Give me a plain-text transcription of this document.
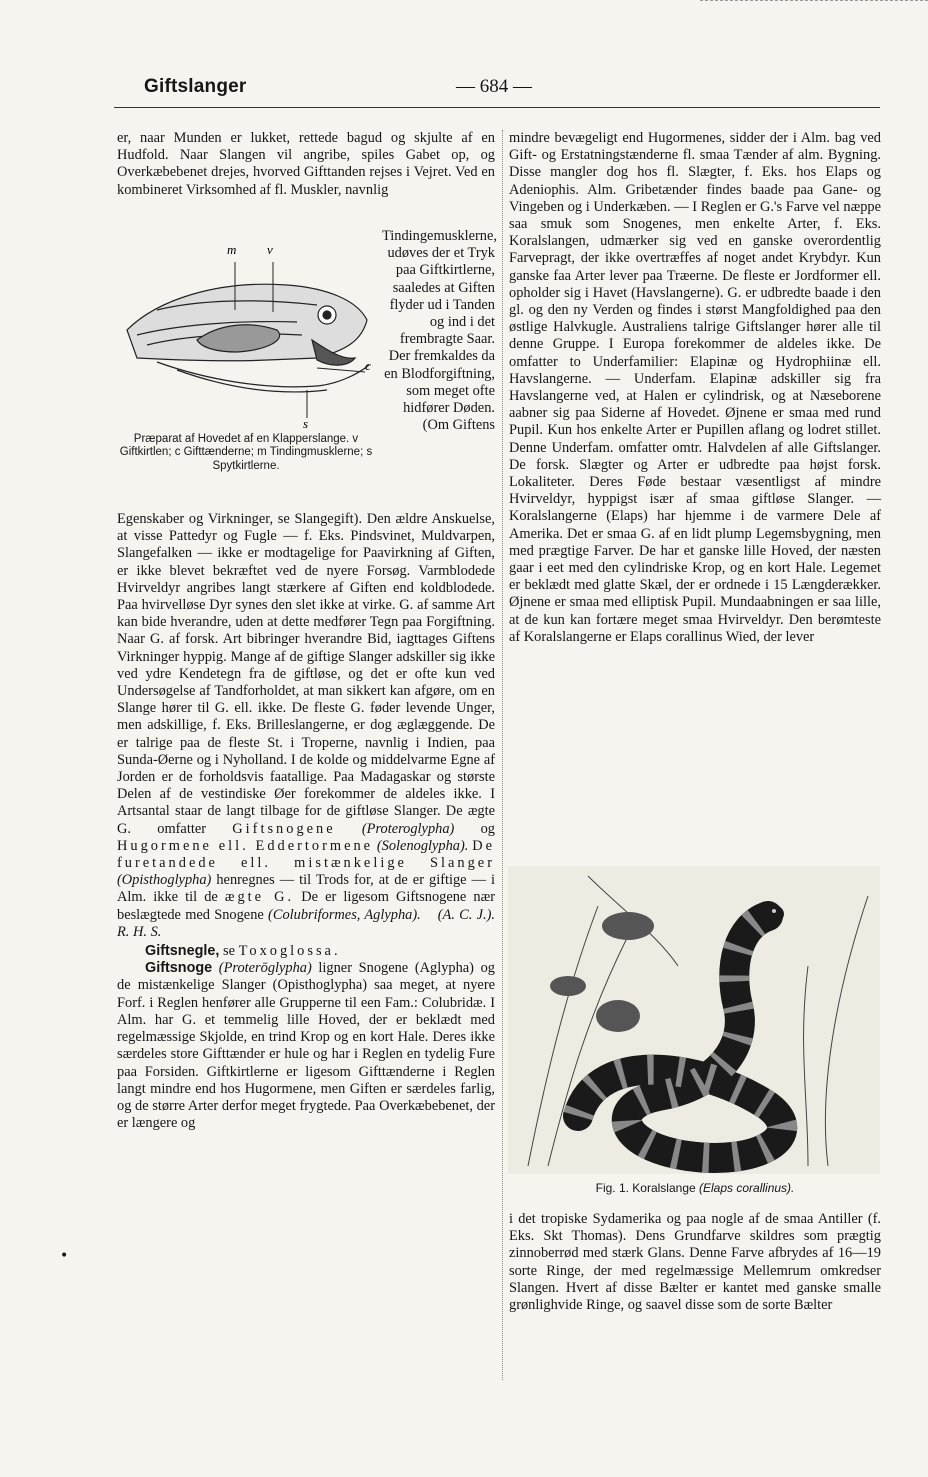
Giftslanger	— 684 —

er, naar Munden er lukket, rettede bagud og skjulte af en Hudfold. Naar Slangen vil angribe, spiles Gabet op, og Overkæbebenet drejes, hvorved Gifttanden rejses i Vejret. Ved en kombineret Virksomhed af fl. Muskler, navnlig

m v
c
s
Præparat af Hovedet af en Klapperslange. v Giftkirtlen; c Gifttænderne; m Tindingmusklerne; s Spytkirtlerne.
Tindingemusklerne, udøves der et Tryk paa Giftkirtlerne, saaledes at Giften flyder ud i Tanden og ind i det frembragte Saar. Der fremkaldes da en Blodforgiftning, som meget ofte hidfører Døden. (Om Giftens

Egenskaber og Virkninger, se Slangegift). Den ældre Anskuelse, at visse Pattedyr og Fugle — f. Eks. Pindsvinet, Muldvarpen, Slangefalken — ikke er modtagelige for Paavirkning af Giften, er ikke blevet bekræftet ved de nyere Forsøg. Varmblodede Hvirveldyr angribes langt stærkere af Giften end koldblodede. Paa hvirvelløse Dyr synes den slet ikke at virke. G. af samme Art kan bide hverandre, uden at dette medfører Tegn paa Forgiftning. Naar G. af forsk. Art bibringer hverandre Bid, iagttages Giftens Virkninger hyppig. Mange af de giftige Slanger adskiller sig ikke ved ydre Kendetegn fra de giftløse, og det er ofte kun ved Undersøgelse af Tandforholdet, at man sikkert kan afgøre, om en Slange hører til G. ell. ikke. De fleste G. føder levende Unger, men adskillige, f. Eks. Brilleslangerne, er dog æglæggende. De er talrige paa de fleste St. i Troperne, navnlig i Indien, paa Sunda-Øerne og i Nyholland. I de kolde og middelvarme Egne af Jorden er de forholdsvis faatallige. Paa Madagaskar og største Delen af de vestindiske Øer forekommer de aldeles ikke. I Artsantal staar de langt tilbage for de giftløse Slanger. De ægte G. omfatter Giftsnogene (Proteroglypha) og Hugormene ell. Eddertormene (Solenoglypha). De furetandede ell. mistænkelige Slanger (Opisthoglypha) henregnes — til Trods for, at de er giftige — i Alm. ikke til de ægte G. De er ligesom Giftsnogene nær beslægtede med Snogene (Colubriformes, Aglypha). (A. C. J.). R. H. S.

Giftsnegle, se Toxoglossa.

Giftsnoge (Proterōglypha) ligner Snogene (Aglypha) og de mistænkelige Slanger (Opisthoglypha) saa meget, at nyere Forf. i Reglen henfører alle Grupperne til een Fam.: Colubridæ. I Alm. har G. et temmelig lille Hoved, der er beklædt med regelmæssige Skjolde, en trind Krop og en kort Hale. Deres ikke særdeles store Gifttænder er hule og har i Reglen en tydelig Fure paa Forsiden. Giftkirtlerne er ligesom Gifttænderne i Reglen langt mindre end hos Hugormene, men Giften er særdeles farlig, og de større Arter derfor meget frygtede. Paa Overkæbebenet, der er længere og

mindre bevægeligt end Hugormenes, sidder der i Alm. bag ved Gift- og Erstatningstænderne fl. smaa Tænder af alm. Bygning. Disse mangler dog hos fl. Slægter, f. Eks. hos Elaps og Adeniophis. Alm. Gribetænder findes baade paa Gane- og Vingeben og i Underkæben. — I Reglen er G.'s Farve vel næppe saa smuk som Snogenes, men enkelte Arter, f. Eks. Koralslangen, udmærker sig ved en ganske overordentlig Farvepragt, der ikke overtræffes af noget andet Krybdyr. Kun ganske faa Arter lever paa Træerne. De fleste er Jordformer ell. opholder sig i Havet (Havslangerne). G. er udbredte baade i den gl. og den ny Verden og findes i størst Mangfoldighed paa den østlige Halvkugle. Australiens talrige Giftslanger hører alle til denne Gruppe. I Europa forekommer de aldeles ikke. De omfatter to Underfamilier: Elapinæ og Hydrophiinæ ell. Havslangerne. — Underfam. Elapinæ adskiller sig fra Havslangerne ved, at Halen er cylindrisk, og at Næseborene aabner sig paa Siderne af Hovedet. Øjnene er smaa med rund Pupil. Kun hos enkelte Arter er Pupillen aflang og lodret stillet. Denne Underfam. omfatter omtr. Halvdelen af alle Giftslanger. De forsk. Slægter og Arter er udbredte paa højst forsk. Lokaliteter. Deres Føde bestaar væsentligst af mindre Hvirveldyr, hyppigst især af smaa giftløse Slanger. — Koralslangerne (Elaps) har hjemme i de varmere Dele af Amerika. Det er smaa G. af en lidt plump Legemsbygning, men med prægtige Farver. De har et ganske lille Hoved, der næsten gaar i eet med den cylindriske Krop, og en kort Hale. Legemet er beklædt med glatte Skæl, der er ordnede i 15 Længderækker. Øjnene er smaa med elliptisk Pupil. Mundaabningen er saa lille, at de kun kan fortære meget smaa Hvirveldyr. Den berømteste af Koralslangerne er Elaps corallinus Wied, der lever

Fig. 1. Koralslange (Elaps corallinus).

i det tropiske Sydamerika og paa nogle af de smaa Antiller (f. Eks. Skt Thomas). Dens Grundfarve skildres som prægtig zinnoberrød med stærk Glans. Denne Farve afbrydes af 16—19 sorte Ringe, der med regelmæssige Mellemrum omkredser Slangen. Hvert af disse Bælter er kantet med ganske smalle grønlighvide Ringe, og saavel disse som de sorte Bælter

•
